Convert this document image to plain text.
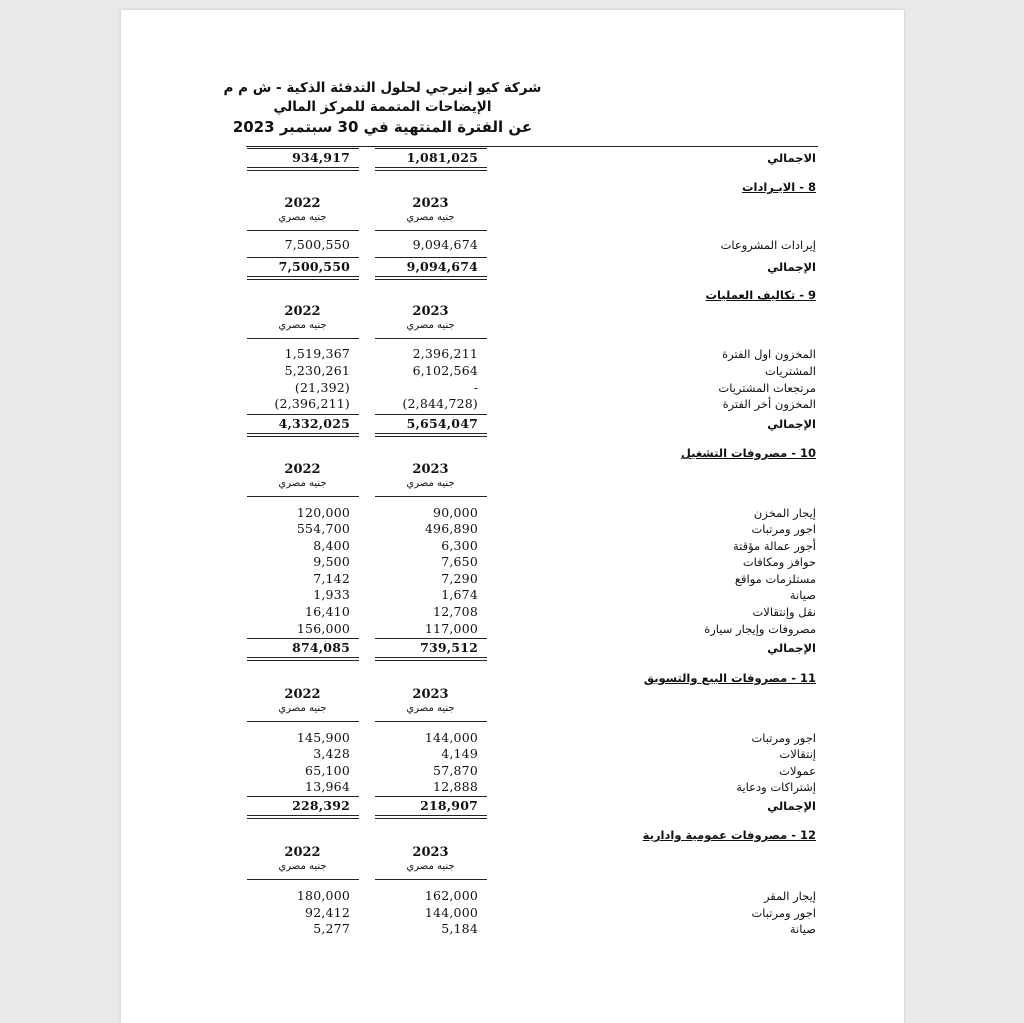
شركة كيو إنيرجي لحلول التدفئة الذكية - ش م م
الإيضاحات المتممة للمركز المالي
عن الفترة المنتهية في 30 سبتمبر 2023
الاجمالي
1,081,025
934,917
8 - الايـرادات
2023
2022
جنيه مصري
جنيه مصري
إيرادات المشروعات
9,094,674
7,500,550
الإجمالي
9,094,674
7,500,550
9 - تكاليف العمليات
2023
2022
جنيه مصري
جنيه مصري
المخزون اول الفترة
2,396,211
1,519,367
المشتريات
6,102,564
5,230,261
مرتجعات المشتريات
-
(21,392)
المخزون أخر الفترة
(2,844,728)
(2,396,211)
الإجمالي
5,654,047
4,332,025
10 - مصروفات التشغيل
2023
2022
جنيه مصري
جنيه مصري
إيجار المخزن
90,000
120,000
اجور ومرتبات
496,890
554,700
أجور عمالة مؤقتة
6,300
8,400
حوافز ومكافات
7,650
9,500
مستلزمات مواقع
7,290
7,142
صيانة
1,674
1,933
نقل وإنتقالات
12,708
16,410
مصروفات وإيجار سيارة
117,000
156,000
الإجمالي
739,512
874,085
11 - مصروفات البيع والتسويق
2023
2022
جنيه مصري
جنيه مصري
اجور ومرتبات
144,000
145,900
إنتقالات
4,149
3,428
عمولات
57,870
65,100
إشتراكات ودعاية
12,888
13,964
الإجمالي
218,907
228,392
12 - مصروفات عمومية وادارية
2023
2022
جنيه مصري
جنيه مصري
إيجار المقر
162,000
180,000
اجور ومرتبات
144,000
92,412
صيانة
5,184
5,277
